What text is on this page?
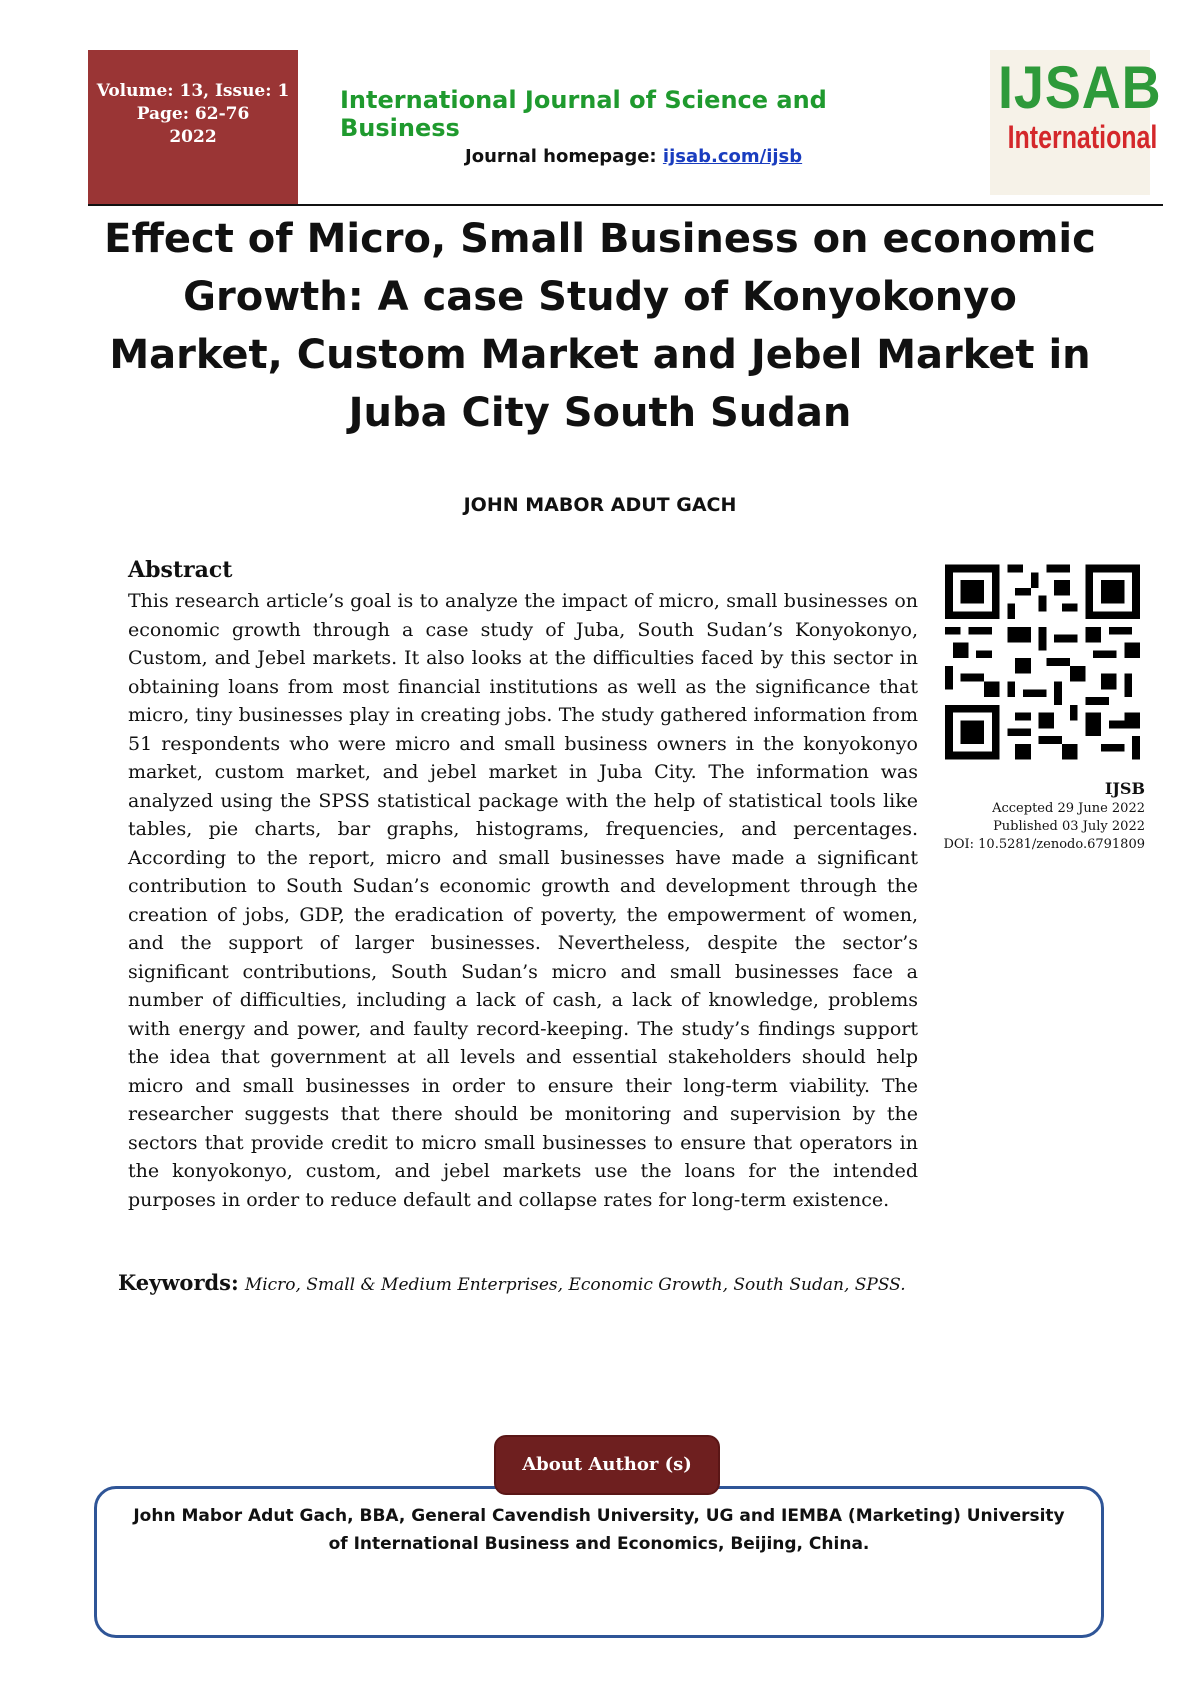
Volume: 13, Issue: 1
Page: 62-76
2022
International Journal of Science and Business
Journal homepage: ijsab.com/ijsb
IJSAB
International
Effect of Micro, Small Business on economic Growth: A case Study of Konyokonyo Market, Custom Market and Jebel Market in Juba City South Sudan
JOHN MABOR ADUT GACH
Abstract
This research article’s goal is to analyze the impact of micro, small businesses on economic growth through a case study of Juba, South Sudan’s Konyokonyo, Custom, and Jebel markets. It also looks at the difficulties faced by this sector in obtaining loans from most financial institutions as well as the significance that micro, tiny businesses play in creating jobs. The study gathered information from 51 respondents who were micro and small business owners in the konyokonyo market, custom market, and jebel market in Juba City. The information was analyzed using the SPSS statistical package with the help of statistical tools like tables, pie charts, bar graphs, histograms, frequencies, and percentages. According to the report, micro and small businesses have made a significant contribution to South Sudan’s economic growth and development through the creation of jobs, GDP, the eradication of poverty, the empowerment of women, and the support of larger businesses. Nevertheless, despite the sector’s significant contributions, South Sudan’s micro and small businesses face a number of difficulties, including a lack of cash, a lack of knowledge, problems with energy and power, and faulty record-keeping. The study’s findings support the idea that government at all levels and essential stakeholders should help micro and small businesses in order to ensure their long-term viability. The researcher suggests that there should be monitoring and supervision by the sectors that provide credit to micro small businesses to ensure that operators in the konyokonyo, custom, and jebel markets use the loans for the intended purposes in order to reduce default and collapse rates for long-term existence.
IJSB
Accepted 29 June 2022
Published 03 July 2022
DOI: 10.5281/zenodo.6791809
Keywords: Micro, Small & Medium Enterprises, Economic Growth, South Sudan, SPSS.
About Author (s)
John Mabor Adut Gach, BBA, General Cavendish University, UG and IEMBA (Marketing) University of International Business and Economics, Beijing, China.
